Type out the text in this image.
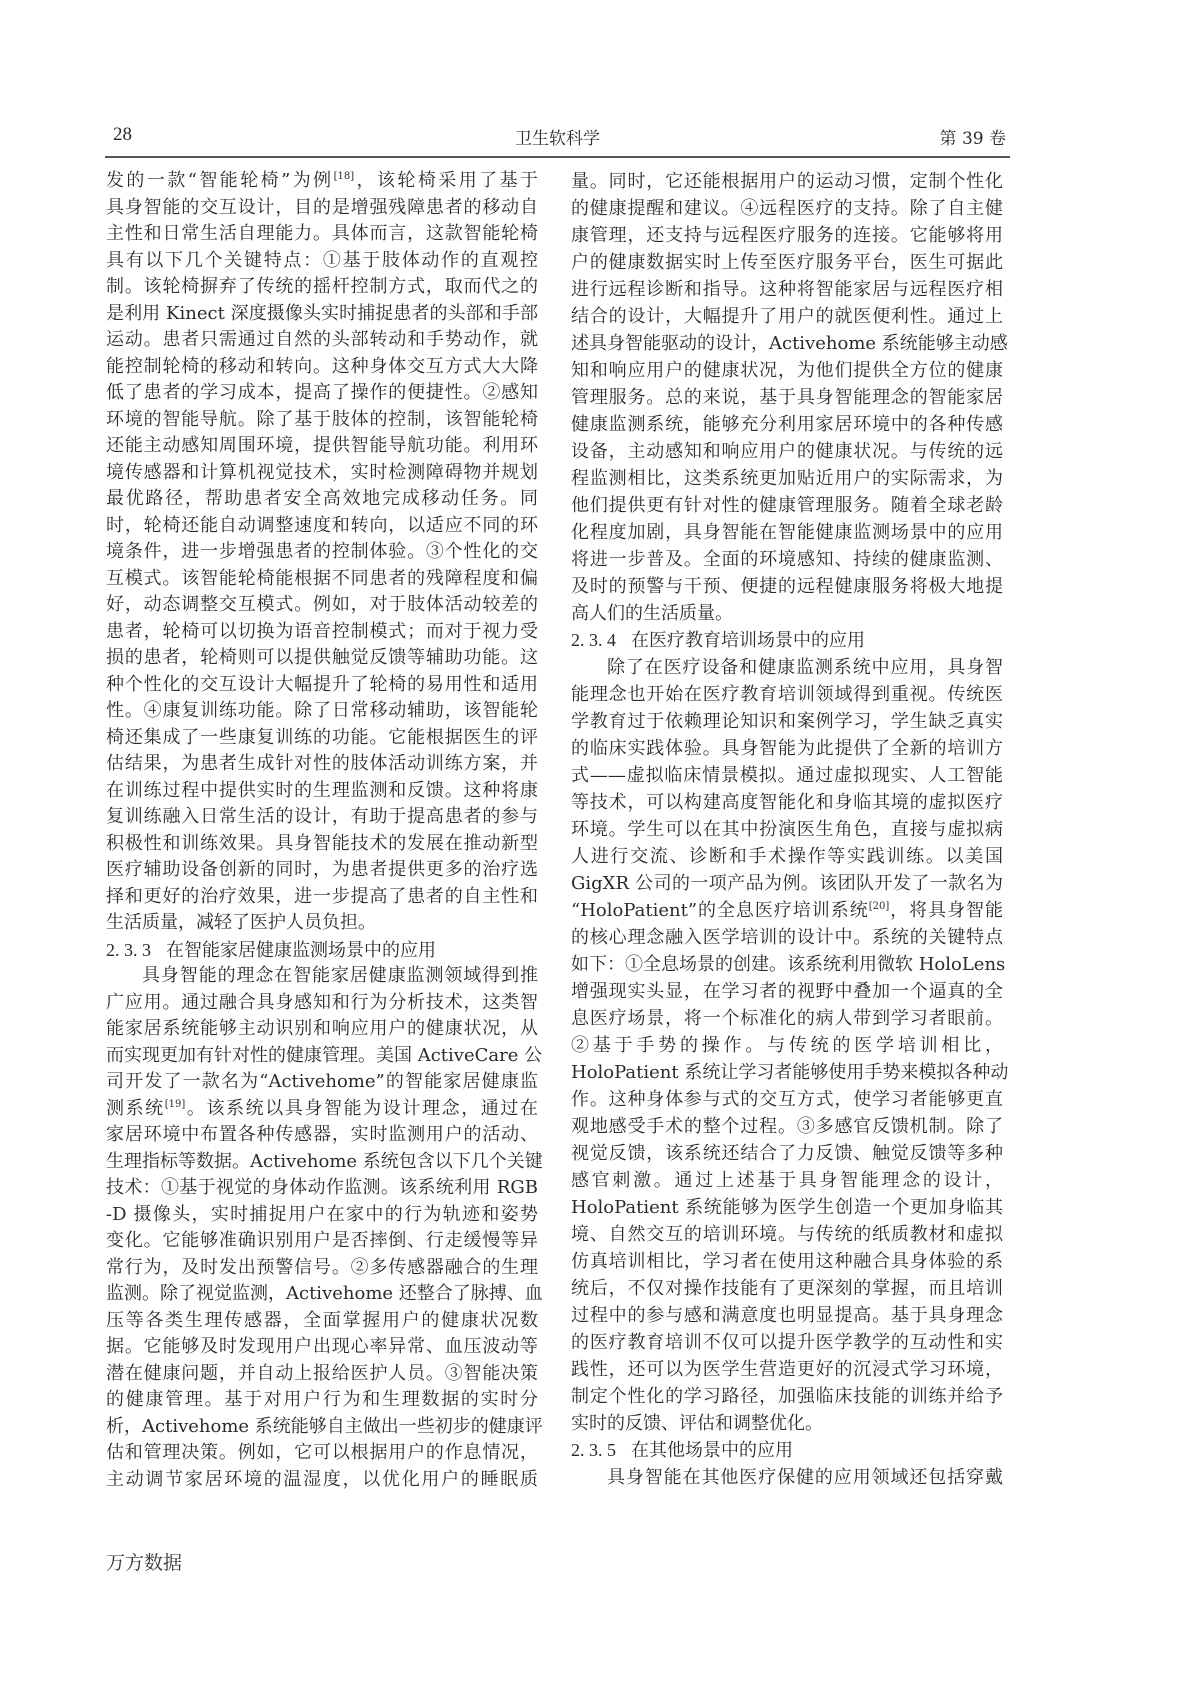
28	卫生软科学	第 39 卷
发的一款“智能轮椅”为例[18]，该轮椅采用了基于
具身智能的交互设计，目的是增强残障患者的移动自
主性和日常生活自理能力。具体而言，这款智能轮椅
具有以下几个关键特点：①基于肢体动作的直观控
制。该轮椅摒弃了传统的摇杆控制方式，取而代之的
是利用 Kinect 深度摄像头实时捕捉患者的头部和手部
运动。患者只需通过自然的头部转动和手势动作，就
能控制轮椅的移动和转向。这种身体交互方式大大降
低了患者的学习成本，提高了操作的便捷性。②感知
环境的智能导航。除了基于肢体的控制，该智能轮椅
还能主动感知周围环境，提供智能导航功能。利用环
境传感器和计算机视觉技术，实时检测障碍物并规划
最优路径，帮助患者安全高效地完成移动任务。同
时，轮椅还能自动调整速度和转向，以适应不同的环
境条件，进一步增强患者的控制体验。③个性化的交
互模式。该智能轮椅能根据不同患者的残障程度和偏
好，动态调整交互模式。例如，对于肢体活动较差的
患者，轮椅可以切换为语音控制模式；而对于视力受
损的患者，轮椅则可以提供触觉反馈等辅助功能。这
种个性化的交互设计大幅提升了轮椅的易用性和适用
性。④康复训练功能。除了日常移动辅助，该智能轮
椅还集成了一些康复训练的功能。它能根据医生的评
估结果，为患者生成针对性的肢体活动训练方案，并
在训练过程中提供实时的生理监测和反馈。这种将康
复训练融入日常生活的设计，有助于提高患者的参与
积极性和训练效果。具身智能技术的发展在推动新型
医疗辅助设备创新的同时，为患者提供更多的治疗选
择和更好的治疗效果，进一步提高了患者的自主性和
生活质量，减轻了医护人员负担。
2. 3. 3 在智能家居健康监测场景中的应用
具身智能的理念在智能家居健康监测领域得到推
广应用。通过融合具身感知和行为分析技术，这类智
能家居系统能够主动识别和响应用户的健康状况，从
而实现更加有针对性的健康管理。美国 ActiveCare 公
司开发了一款名为“Activehome”的智能家居健康监
测系统[19]。该系统以具身智能为设计理念，通过在
家居环境中布置各种传感器，实时监测用户的活动、
生理指标等数据。Activehome 系统包含以下几个关键
技术：①基于视觉的身体动作监测。该系统利用 RGB
-D 摄像头，实时捕捉用户在家中的行为轨迹和姿势
变化。它能够准确识别用户是否摔倒、行走缓慢等异
常行为，及时发出预警信号。②多传感器融合的生理
监测。除了视觉监测，Activehome 还整合了脉搏、血
压等各类生理传感器，全面掌握用户的健康状况数
据。它能够及时发现用户出现心率异常、血压波动等
潜在健康问题，并自动上报给医护人员。③智能决策
的健康管理。基于对用户行为和生理数据的实时分
析，Activehome 系统能够自主做出一些初步的健康评
估和管理决策。例如，它可以根据用户的作息情况，
主动调节家居环境的温湿度，以优化用户的睡眠质
量。同时，它还能根据用户的运动习惯，定制个性化
的健康提醒和建议。④远程医疗的支持。除了自主健
康管理，还支持与远程医疗服务的连接。它能够将用
户的健康数据实时上传至医疗服务平台，医生可据此
进行远程诊断和指导。这种将智能家居与远程医疗相
结合的设计，大幅提升了用户的就医便利性。通过上
述具身智能驱动的设计，Activehome 系统能够主动感
知和响应用户的健康状况，为他们提供全方位的健康
管理服务。总的来说，基于具身智能理念的智能家居
健康监测系统，能够充分利用家居环境中的各种传感
设备，主动感知和响应用户的健康状况。与传统的远
程监测相比，这类系统更加贴近用户的实际需求，为
他们提供更有针对性的健康管理服务。随着全球老龄
化程度加剧，具身智能在智能健康监测场景中的应用
将进一步普及。全面的环境感知、持续的健康监测、
及时的预警与干预、便捷的远程健康服务将极大地提
高人们的生活质量。
2. 3. 4 在医疗教育培训场景中的应用
除了在医疗设备和健康监测系统中应用，具身智
能理念也开始在医疗教育培训领域得到重视。传统医
学教育过于依赖理论知识和案例学习，学生缺乏真实
的临床实践体验。具身智能为此提供了全新的培训方
式——虚拟临床情景模拟。通过虚拟现实、人工智能
等技术，可以构建高度智能化和身临其境的虚拟医疗
环境。学生可以在其中扮演医生角色，直接与虚拟病
人进行交流、诊断和手术操作等实践训练。以美国
GigXR 公司的一项产品为例。该团队开发了一款名为
“HoloPatient”的全息医疗培训系统[20]，将具身智能
的核心理念融入医学培训的设计中。系统的关键特点
如下：①全息场景的创建。该系统利用微软 HoloLens
增强现实头显，在学习者的视野中叠加一个逼真的全
息医疗场景，将一个标准化的病人带到学习者眼前。
②基于手势的操作。与传统的医学培训相比，
HoloPatient 系统让学习者能够使用手势来模拟各种动
作。这种身体参与式的交互方式，使学习者能够更直
观地感受手术的整个过程。③多感官反馈机制。除了
视觉反馈，该系统还结合了力反馈、触觉反馈等多种
感官刺激。通过上述基于具身智能理念的设计，
HoloPatient 系统能够为医学生创造一个更加身临其
境、自然交互的培训环境。与传统的纸质教材和虚拟
仿真培训相比，学习者在使用这种融合具身体验的系
统后，不仅对操作技能有了更深刻的掌握，而且培训
过程中的参与感和满意度也明显提高。基于具身理念
的医疗教育培训不仅可以提升医学教学的互动性和实
践性，还可以为医学生营造更好的沉浸式学习环境，
制定个性化的学习路径，加强临床技能的训练并给予
实时的反馈、评估和调整优化。
2. 3. 5 在其他场景中的应用
具身智能在其他医疗保健的应用领域还包括穿戴
万方数据
